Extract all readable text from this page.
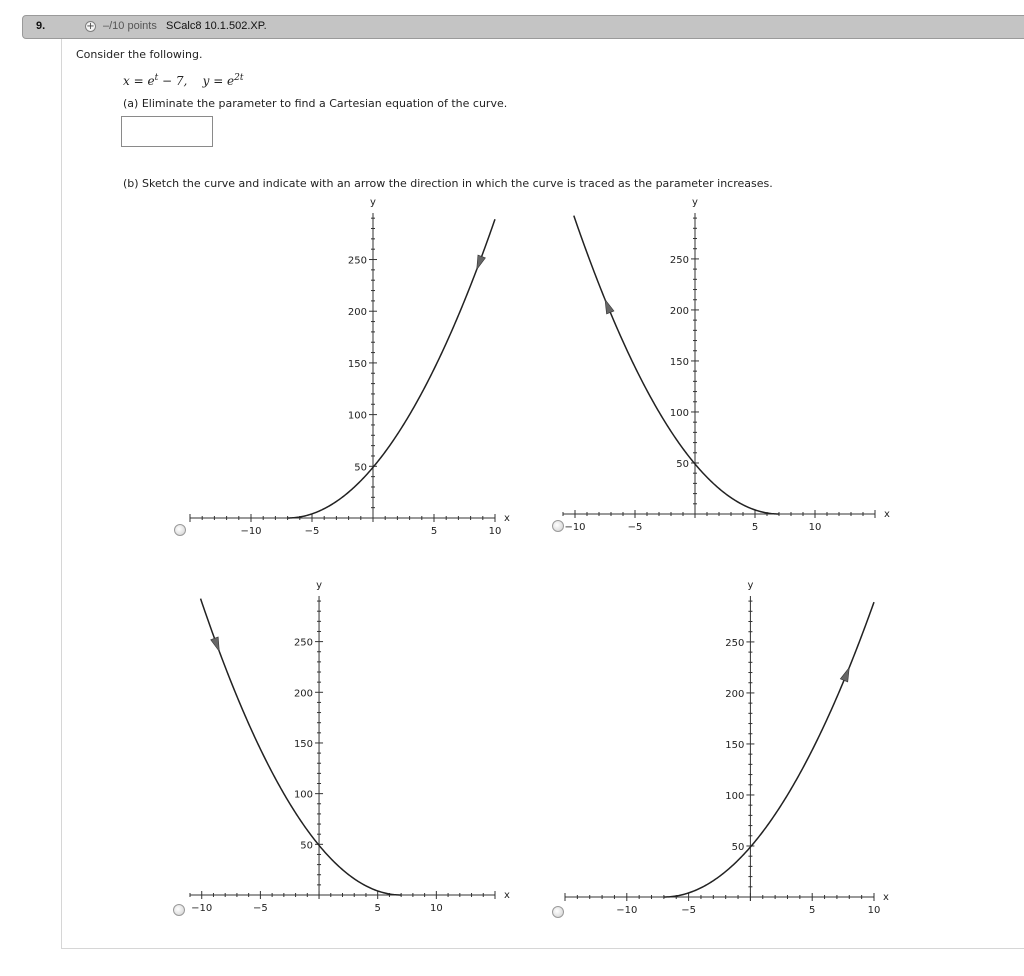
9.	+ –/10 points SCalc8 10.1.502.XP.
Consider the following.
$x = e^t - 7$, $y = e^{2t}$
(a) Eliminate the parameter to find a Cartesian equation of the curve.
(b) Sketch the curve and indicate with an arrow the direction in which the curve is traced as the parameter increases.
−10	−5	5	10
50
100
150
200
250
x
y
−10	−5	5	10
50
100
150
200
250
x
y
−10	−5	5	10
50
100
150
200
250
x
y
−10	−5	5	10
50
100
150
200
250
x
y
